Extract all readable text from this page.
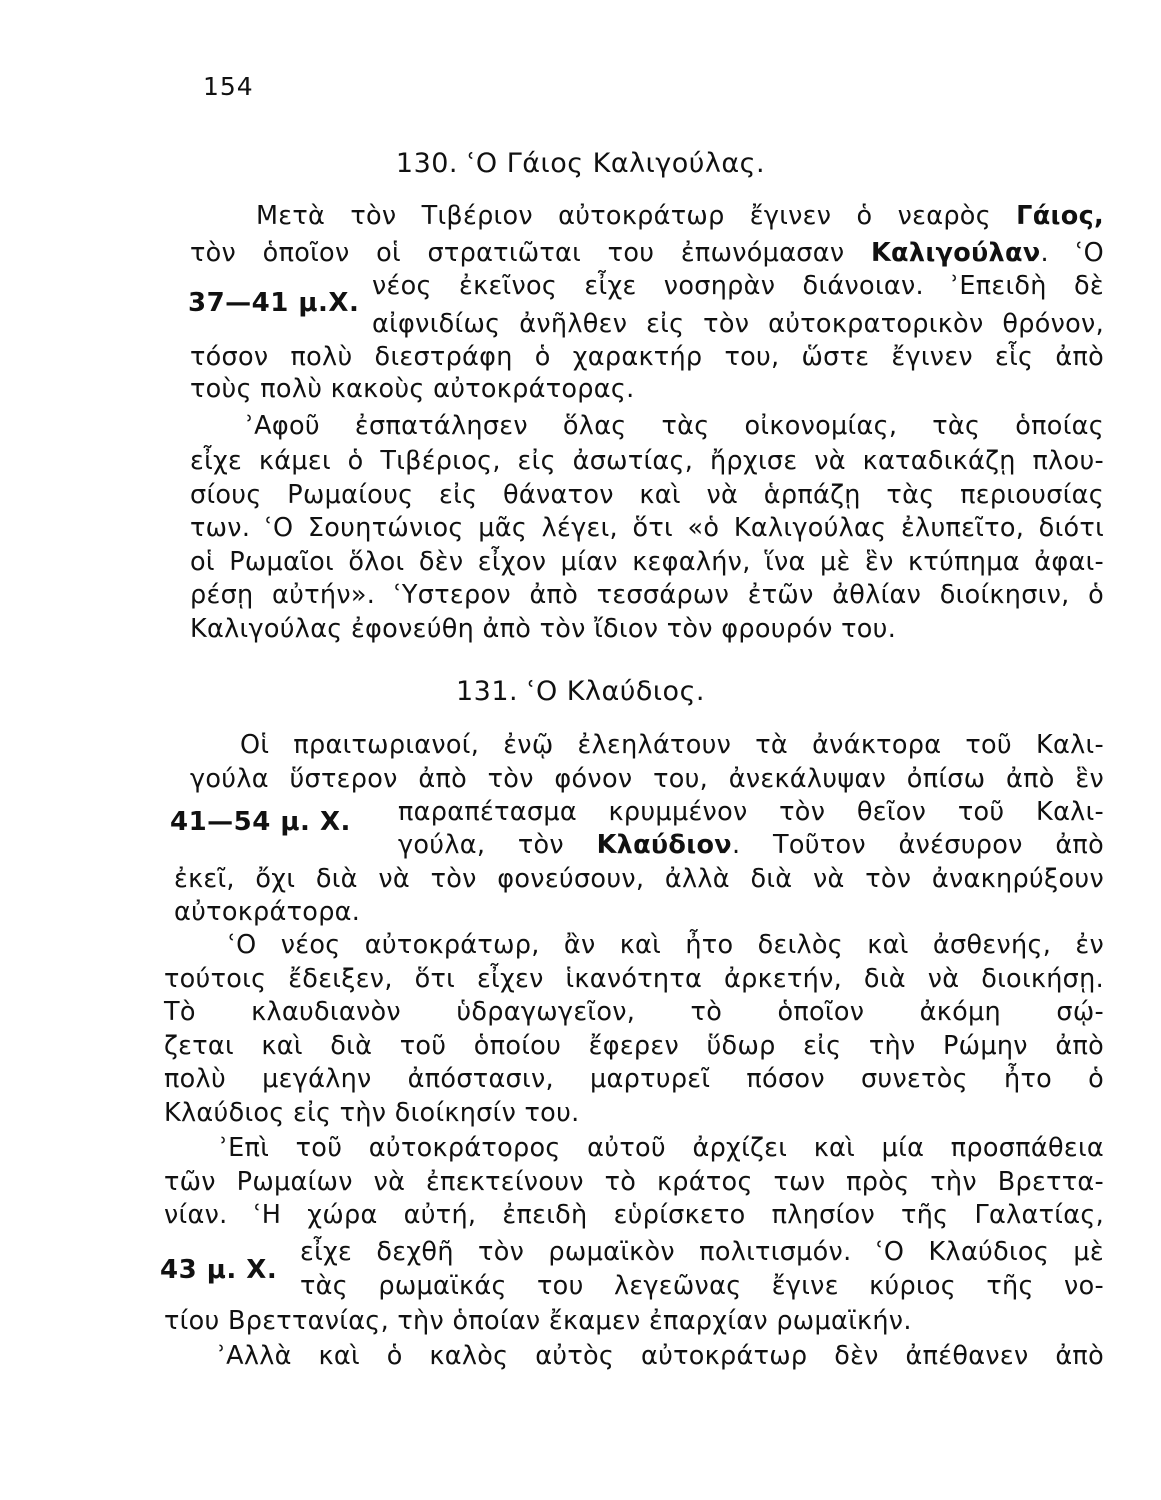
154
130. ʿΟ Γάιος Καλιγούλας.
Μετὰ τὸν Τιβέριον αὐτοκράτωρ ἔγινεν ὁ νεαρὸς Γάιος,
τὸν ὁποῖον οἱ στρατιῶται του ἐπωνόμασαν Καλιγούλαν. ʿΟ
νέος ἐκεῖνος εἶχε νοσηρὰν διάνοιαν. ʾΕπειδὴ δὲ
αἰφνιδίως ἀνῆλθεν εἰς τὸν αὐτοκρατορικὸν θρόνον,
τόσον πολὺ διεστράφη ὁ χαρακτήρ του, ὥστε ἔγινεν εἷς ἀπὸ
τοὺς πολὺ κακοὺς αὐτοκράτορας.
ʾΑφοῦ ἐσπατάλησεν ὅλας τὰς οἰκονομίας, τὰς ὁποίας
εἶχε κάμει ὁ Τιβέριος, εἰς ἀσωτίας, ἤρχισε νὰ καταδικάζῃ πλου-
σίους Ρωμαίους εἰς θάνατον καὶ νὰ ἁρπάζῃ τὰς περιουσίας
των. ʿΟ Σουητώνιος μᾶς λέγει, ὅτι «ὁ Καλιγούλας ἐλυπεῖτο, διότι
οἱ Ρωμαῖοι ὅλοι δὲν εἶχον μίαν κεφαλήν, ἵνα μὲ ἓν κτύπημα ἀφαι-
ρέσῃ αὐτήν». ʿΥστερον ἀπὸ τεσσάρων ἐτῶν ἀθλίαν διοίκησιν, ὁ
Καλιγούλας ἐφονεύθη ἀπὸ τὸν ἴδιον τὸν φρουρόν του.
131. ʿΟ Κλαύδιος.
Οἱ πραιτωριανοί, ἐνῷ ἐλεηλάτουν τὰ ἀνάκτορα τοῦ Καλι-
γούλα ὕστερον ἀπὸ τὸν φόνον του, ἀνεκάλυψαν ὀπίσω ἀπὸ ἓν
παραπέτασμα κρυμμένον τὸν θεῖον τοῦ Καλι-
γούλα, τὸν Κλαύδιον. Τοῦτον ἀνέσυρον ἀπὸ
ἐκεῖ, ὄχι διὰ νὰ τὸν φονεύσουν, ἀλλὰ διὰ νὰ τὸν ἀνακηρύξουν
αὐτοκράτορα.
ʿΟ νέος αὐτοκράτωρ, ἂν καὶ ἦτο δειλὸς καὶ ἀσθενής, ἐν
τούτοις ἔδειξεν, ὅτι εἶχεν ἱκανότητα ἀρκετήν, διὰ νὰ διοικήσῃ.
Τὸ κλαυδιανὸν ὑδραγωγεῖον, τὸ ὁποῖον ἀκόμη σῴ-
ζεται καὶ διὰ τοῦ ὁποίου ἔφερεν ὕδωρ εἰς τὴν Ρώμην ἀπὸ
πολὺ μεγάλην ἀπόστασιν, μαρτυρεῖ πόσον συνετὸς ἦτο ὁ
Κλαύδιος εἰς τὴν διοίκησίν του.
ʾΕπὶ τοῦ αὐτοκράτορος αὐτοῦ ἀρχίζει καὶ μία προσπάθεια
τῶν Ρωμαίων νὰ ἐπεκτείνουν τὸ κράτος των πρὸς τὴν Βρεττα-
νίαν. ʿΗ χώρα αὐτή, ἐπειδὴ εὑρίσκετο πλησίον τῆς Γαλατίας,
εἶχε δεχθῆ τὸν ρωμαϊκὸν πολιτισμόν. ʿΟ Κλαύδιος μὲ
τὰς ρωμαϊκάς του λεγεῶνας ἔγινε κύριος τῆς νο-
τίου Βρεττανίας, τὴν ὁποίαν ἔκαμεν ἐπαρχίαν ρωμαϊκήν.
ʾΑλλὰ καὶ ὁ καλὸς αὐτὸς αὐτοκράτωρ δὲν ἀπέθανεν ἀπὸ
37—41 μ.Χ.
41—54 μ. Χ.
43 μ. Χ.
